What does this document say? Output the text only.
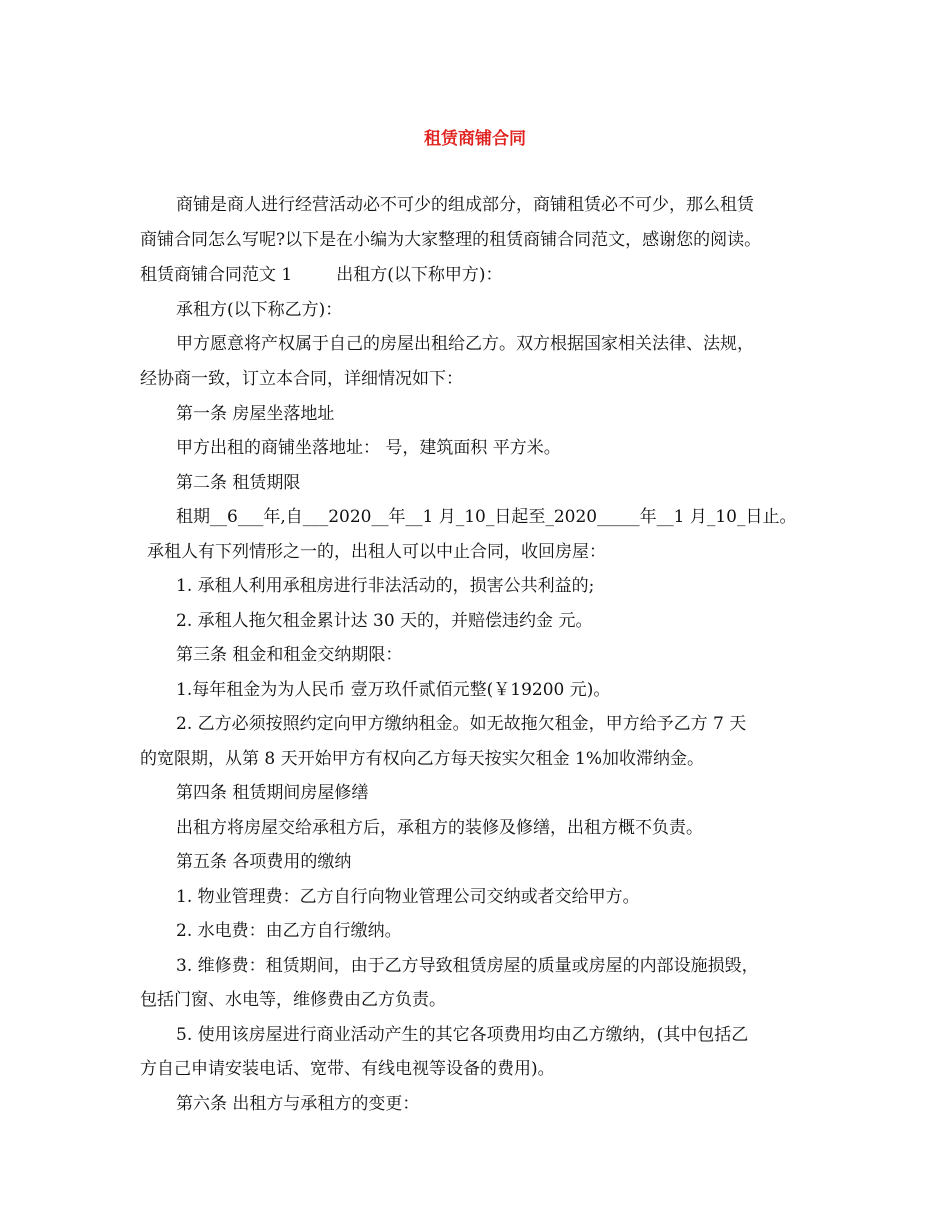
租赁商铺合同
商铺是商人进行经营活动必不可少的组成部分，商铺租赁必不可少，那么租赁
商铺合同怎么写呢?以下是在小编为大家整理的租赁商铺合同范文，感谢您的阅读。
租赁商铺合同范文 1	出租方(以下称甲方)：
承租方(以下称乙方)：
甲方愿意将产权属于自己的房屋出租给乙方。双方根据国家相关法律、法规，
经协商一致，订立本合同，详细情况如下：
第一条 房屋坐落地址
甲方出租的商铺坐落地址： 号，建筑面积 平方米。
第二条 租赁期限
租期__6___年,自___2020__年__1 月_10_日起至_2020_____年__1 月_10_日止。
承租人有下列情形之一的，出租人可以中止合同，收回房屋：
1. 承租人利用承租房进行非法活动的，损害公共利益的;
2. 承租人拖欠租金累计达 30 天的，并赔偿违约金 元。
第三条 租金和租金交纳期限：
1.每年租金为为人民币 壹万玖仟贰佰元整(￥19200 元)。
2. 乙方必须按照约定向甲方缴纳租金。如无故拖欠租金，甲方给予乙方 7 天
的宽限期，从第 8 天开始甲方有权向乙方每天按实欠租金 1%加收滞纳金。
第四条 租赁期间房屋修缮
出租方将房屋交给承租方后，承租方的装修及修缮，出租方概不负责。
第五条 各项费用的缴纳
1. 物业管理费：乙方自行向物业管理公司交纳或者交给甲方。
2. 水电费：由乙方自行缴纳。
3. 维修费：租赁期间，由于乙方导致租赁房屋的质量或房屋的内部设施损毁，
包括门窗、水电等，维修费由乙方负责。
5. 使用该房屋进行商业活动产生的其它各项费用均由乙方缴纳，(其中包括乙
方自己申请安装电话、宽带、有线电视等设备的费用)。
第六条 出租方与承租方的变更：
